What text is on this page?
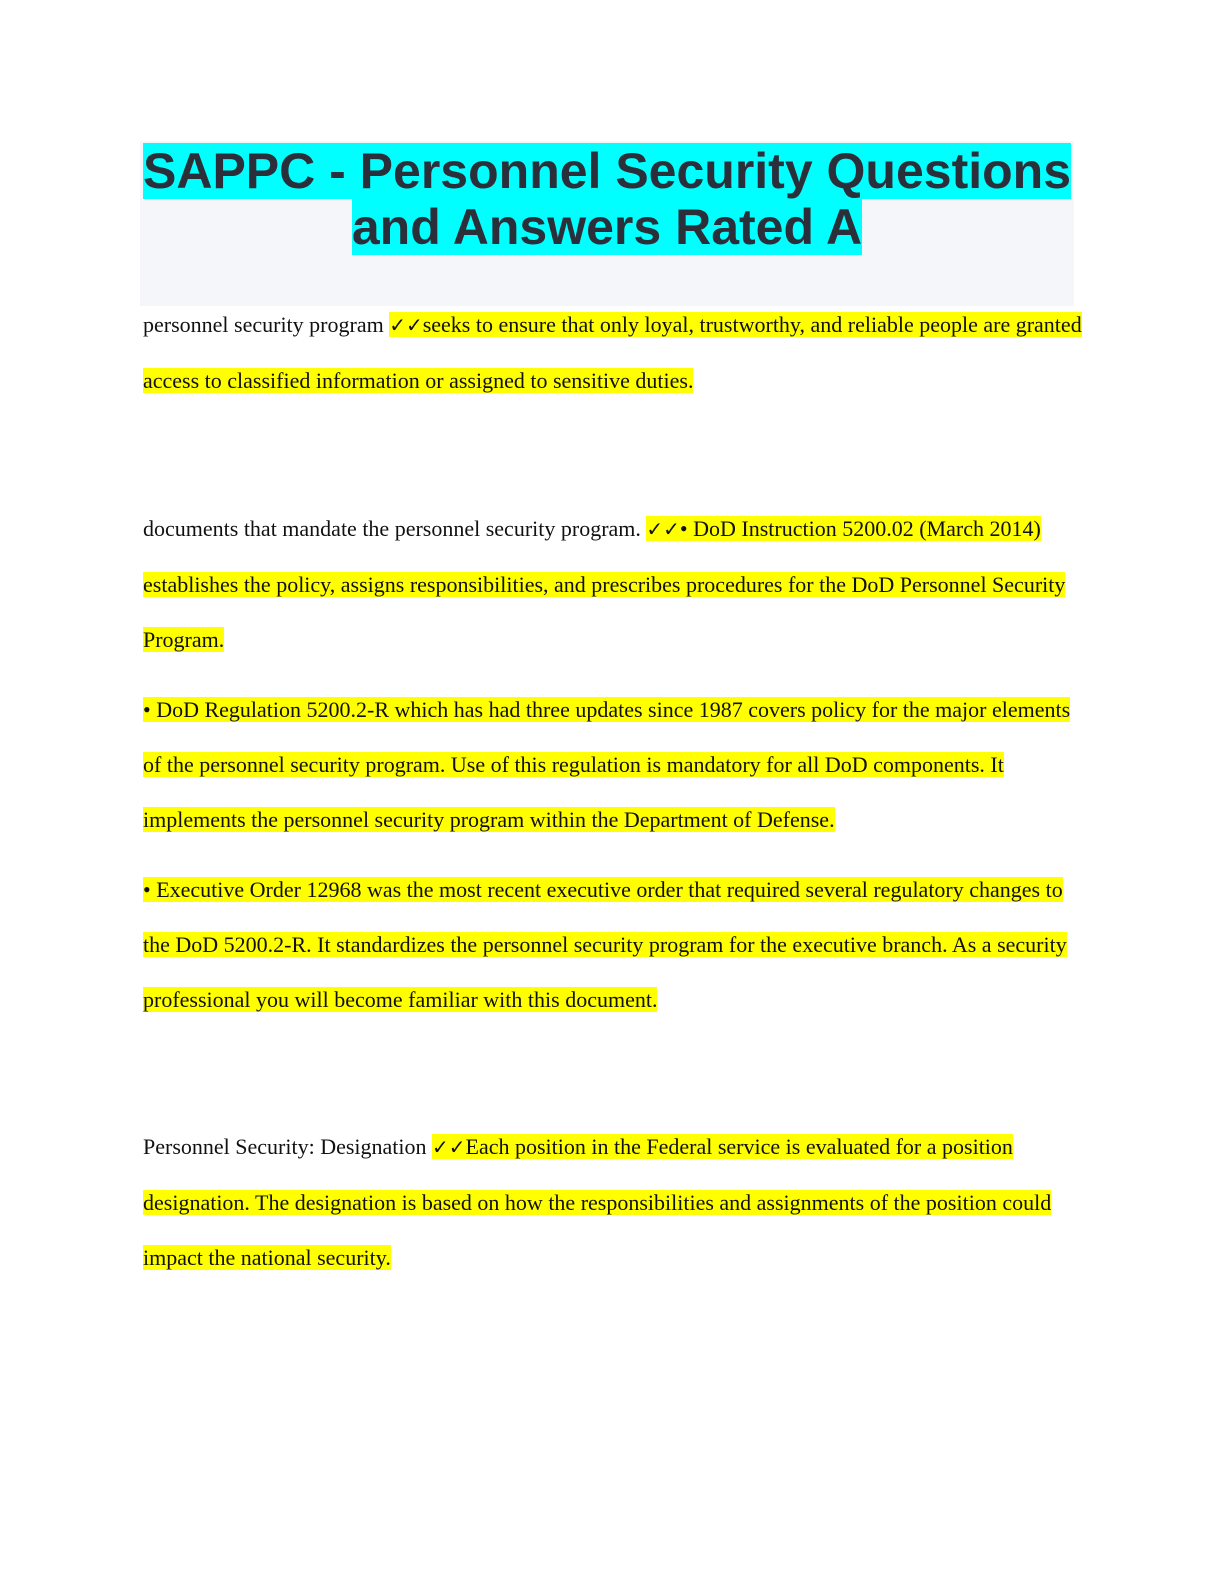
SAPPC - Personnel Security Questions
and Answers Rated A

personnel security program ✓✓seeks to ensure that only loyal, trustworthy, and reliable people are granted access to classified information or assigned to sensitive duties.

documents that mandate the personnel security program. ✓✓• DoD Instruction 5200.02 (March 2014) establishes the policy, assigns responsibilities, and prescribes procedures for the DoD Personnel Security Program.

• DoD Regulation 5200.2-R which has had three updates since 1987 covers policy for the major elements of the personnel security program. Use of this regulation is mandatory for all DoD components. It implements the personnel security program within the Department of Defense.

• Executive Order 12968 was the most recent executive order that required several regulatory changes to the DoD 5200.2-R. It standardizes the personnel security program for the executive branch. As a security professional you will become familiar with this document.

Personnel Security: Designation ✓✓Each position in the Federal service is evaluated for a position designation. The designation is based on how the responsibilities and assignments of the position could impact the national security.
